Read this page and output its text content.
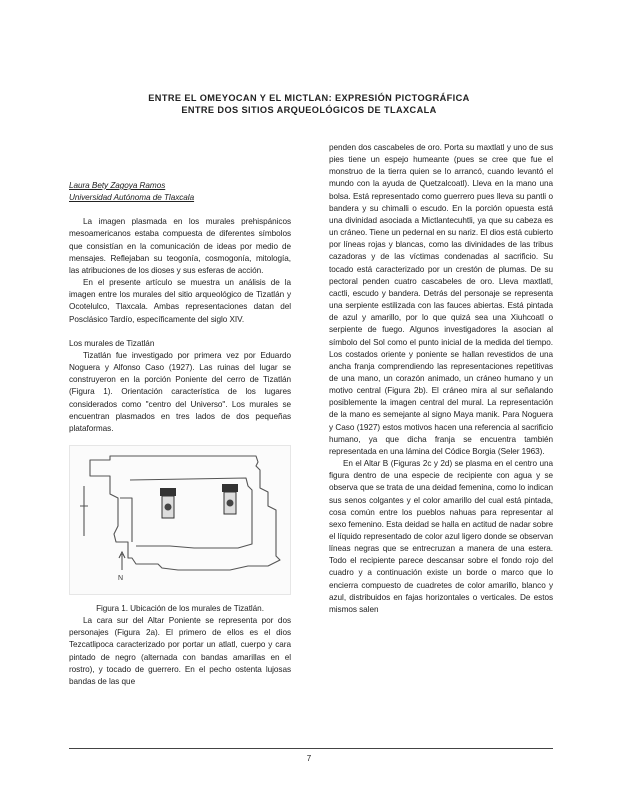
ENTRE EL OMEYOCAN Y EL MICTLAN: EXPRESIÓN PICTOGRÁFICA
ENTRE DOS SITIOS ARQUEOLÓGICOS DE TLAXCALA

Laura Bety Zagoya Ramos

Universidad Autónoma de Tlaxcala

La imagen plasmada en los murales prehispánicos mesoamericanos estaba compuesta de diferentes símbolos que consistían en la comunicación de ideas por medio de mensajes. Reflejaban su teogonía, cosmogonía, mitología, las atribuciones de los dioses y sus esferas de acción.

En el presente artículo se muestra un análisis de la imagen entre los murales del sitio arqueológico de Tizatlán y Ocotelulco, Tlaxcala. Ambas representaciones datan del Posclásico Tardío, específicamente del siglo XIV.

Los murales de Tizatlán

Tizatlán fue investigado por primera vez por Eduardo Noguera y Alfonso Caso (1927). Las ruinas del lugar se construyeron en la porción Poniente del cerro de Tizatlán (Figura 1). Orientación característica de los lugares considerados como "centro del Universo". Los murales se encuentran plasmados en tres lados de dos pequeñas plataformas.

N

Figura 1. Ubicación de los murales de Tizatlán.

La cara sur del Altar Poniente se representa por dos personajes (Figura 2a). El primero de ellos es el dios Tezcatlipoca caracterizado por portar un atlatl, cuerpo y cara pintado de negro (alternada con bandas amarillas en el rostro), y tocado de guerrero. En el pecho ostenta lujosas bandas de las que

penden dos cascabeles de oro. Porta su maxtlatl y uno de sus pies tiene un espejo humeante (pues se cree que fue el monstruo de la tierra quien se lo arrancó, cuando levantó el mundo con la ayuda de Quetzalcoatl). Lleva en la mano una bolsa. Está representado como guerrero pues lleva su pantli o bandera y su chimalli o escudo. En la porción opuesta está una divinidad asociada a Mictlantecuhtli, ya que su cabeza es un cráneo. Tiene un pedernal en su nariz. El dios está cubierto por líneas rojas y blancas, como las divinidades de las tribus cazadoras y de las víctimas condenadas al sacrificio. Su tocado está caracterizado por un crestón de plumas. De su pectoral penden cuatro cascabeles de oro. Lleva maxtlatl, cactli, escudo y bandera. Detrás del personaje se representa una serpiente estilizada con las fauces abiertas. Está pintada de azul y amarillo, por lo que quizá sea una Xiuhcoatl o serpiente de fuego. Algunos investigadores la asocian al símbolo del Sol como el punto inicial de la medida del tiempo. Los costados oriente y poniente se hallan revestidos de una ancha franja comprendiendo las representaciones repetitivas de una mano, un corazón animado, un cráneo humano y un motivo central (Figura 2b). El cráneo mira al sur señalando posiblemente la imagen central del mural. La representación de la mano es semejante al signo Maya manik. Para Noguera y Caso (1927) estos motivos hacen una referencia al sacrificio humano, ya que dicha franja se encuentra también representada en una lámina del Códice Borgia (Seler 1963).

En el Altar B (Figuras 2c y 2d) se plasma en el centro una figura dentro de una especie de recipiente con agua y se observa que se trata de una deidad femenina, como lo indican sus senos colgantes y el color amarillo del cual está pintada, cosa común entre los pueblos nahuas para representar al sexo femenino. Esta deidad se halla en actitud de nadar sobre el líquido representado de color azul ligero donde se observan líneas negras que se entrecruzan a manera de una estera. Todo el recipiente parece descansar sobre el fondo rojo del cuadro y a continuación existe un borde o marco que lo encierra compuesto de cuadretes de color amarillo, blanco y azul, distribuidos en fajas horizontales o verticales. De estos mismos salen

7
